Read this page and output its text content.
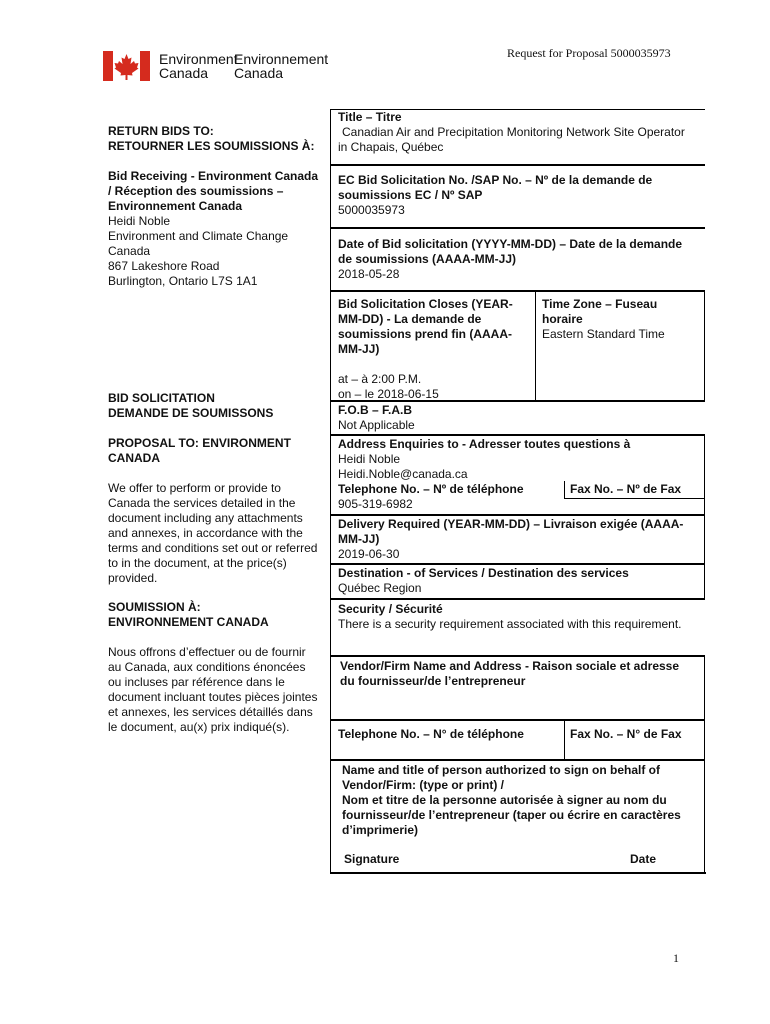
Environment
Canada
Environnement
Canada
Request for Proposal 5000035973
RETURN BIDS TO:
RETOURNER LES SOUMISSIONS À:
Bid Receiving - Environment Canada
/ Réception des soumissions –
Environnement Canada
Heidi Noble
Environment and Climate Change
Canada
867 Lakeshore Road
Burlington, Ontario L7S 1A1
BID SOLICITATION
DEMANDE DE SOUMISSONS
PROPOSAL TO: ENVIRONMENT
CANADA
We offer to perform or provide to
Canada the services detailed in the
document including any attachments
and annexes, in accordance with the
terms and conditions set out or referred
to in the document, at the price(s)
provided.
SOUMISSION À:
ENVIRONNEMENT CANADA
Nous offrons d’effectuer ou de fournir
au Canada, aux conditions énoncées
ou incluses par référence dans le
document incluant toutes pièces jointes
et annexes, les services détaillés dans
le document, au(x) prix indiqué(s).
Title – Titre
Canadian Air and Precipitation Monitoring Network Site Operator
in Chapais, Québec
EC Bid Solicitation No. /SAP No. – Nº de la demande de
soumissions EC / Nº SAP
5000035973
Date of Bid solicitation (YYYY-MM-DD) – Date de la demande
de soumissions (AAAA-MM-JJ)
2018-05-28
Bid Solicitation Closes (YEAR-
MM-DD) - La demande de
soumissions prend fin (AAAA-
MM-JJ)
Time Zone – Fuseau
horaire
Eastern Standard Time
at – à 2:00 P.M.
on – le 2018-06-15
F.O.B – F.A.B
Not Applicable
Address Enquiries to - Adresser toutes questions à
Heidi Noble
Heidi.Noble@canada.ca
Telephone No. – Nº de téléphone
905-319-6982
Fax No. – Nº de Fax
Delivery Required (YEAR-MM-DD) – Livraison exigée (AAAA-
MM-JJ)
2019-06-30
Destination - of Services / Destination des services
Québec Region
Security / Sécurité
There is a security requirement associated with this requirement.
Vendor/Firm Name and Address - Raison sociale et adresse
du fournisseur/de l’entrepreneur
Telephone No. – N° de téléphone	Fax No. – N° de Fax
Name and title of person authorized to sign on behalf of
Vendor/Firm: (type or print) /
Nom et titre de la personne autorisée à signer au nom du
fournisseur/de l’entrepreneur (taper ou écrire en caractères
d’imprimerie)
Signature	Date
1
